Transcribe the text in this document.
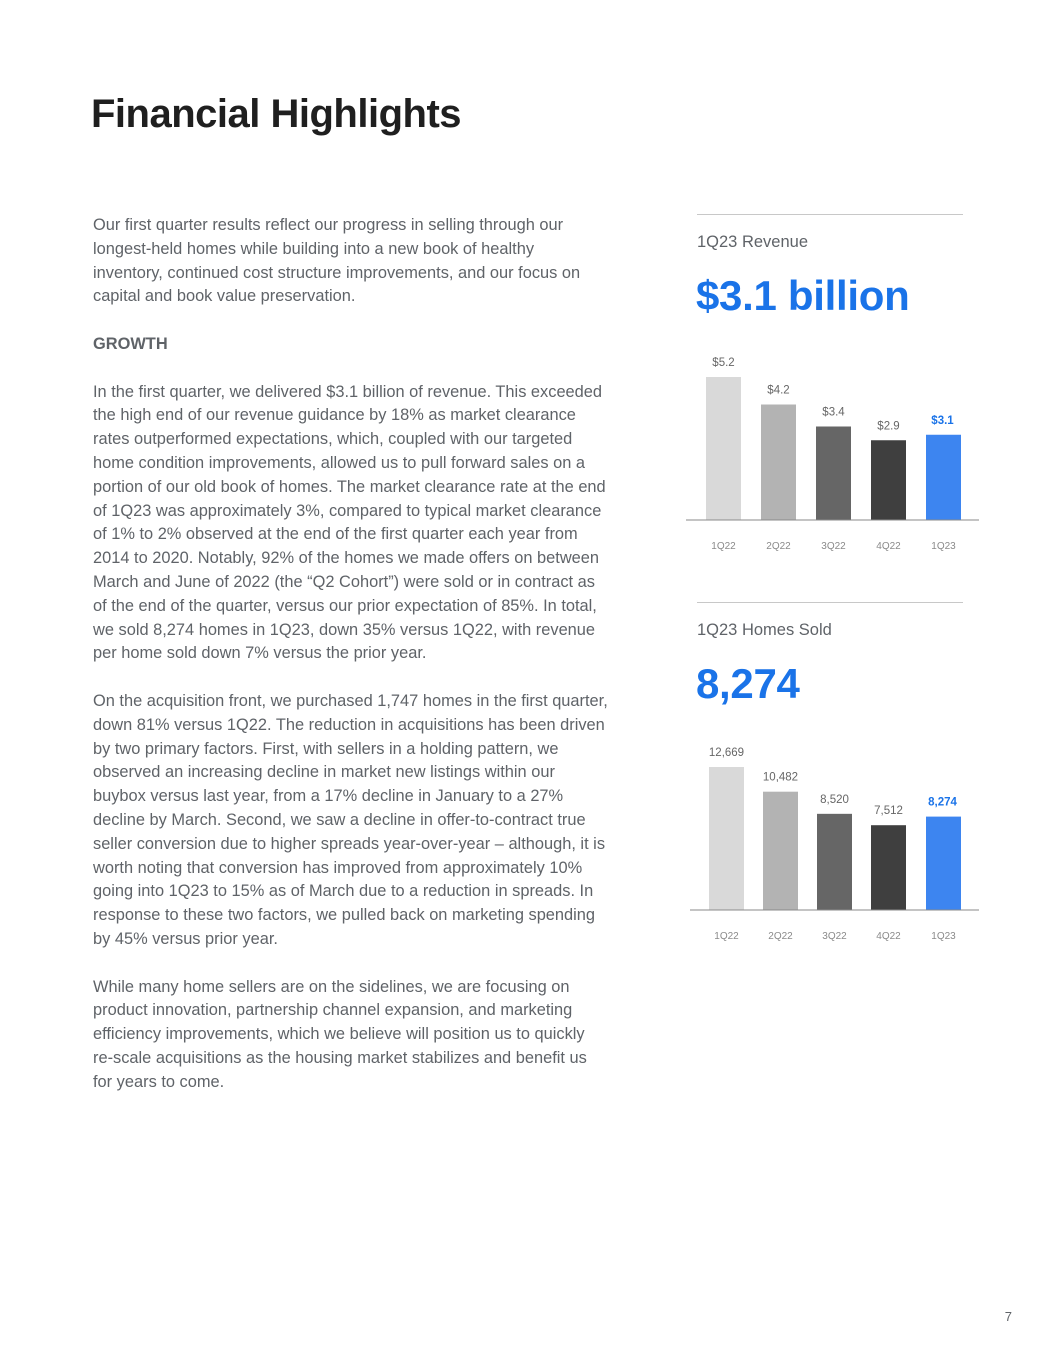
Financial Highlights

Our first quarter results reflect our progress in selling through our longest-held homes while building into a new book of healthy inventory, continued cost structure improvements, and our focus on capital and book value preservation.

GROWTH

In the first quarter, we delivered $3.1 billion of revenue. This exceeded the high end of our revenue guidance by 18% as market clearance rates outperformed expectations, which, coupled with our targeted home condition improvements, allowed us to pull forward sales on a portion of our old book of homes. The market clearance rate at the end of 1Q23 was approximately 3%, compared to typical market clearance of 1% to 2% observed at the end of the first quarter each year from 2014 to 2020. Notably, 92% of the homes we made offers on between March and June of 2022 (the “Q2 Cohort”) were sold or in contract as of the end of the quarter, versus our prior expectation of 85%. In total, we sold 8,274 homes in 1Q23, down 35% versus 1Q22, with revenue per home sold down 7% versus the prior year.

On the acquisition front, we purchased 1,747 homes in the first quarter, down 81% versus 1Q22. The reduction in acquisitions has been driven by two primary factors. First, with sellers in a holding pattern, we observed an increasing decline in market new listings within our buybox versus last year, from a 17% decline in January to a 27% decline by March. Second, we saw a decline in offer-to-contract true seller conversion due to higher spreads year-over-year – although, it is worth noting that conversion has improved from approximately 10% going into 1Q23 to 15% as of March due to a reduction in spreads. In response to these two factors, we pulled back on marketing spending by 45% versus prior year.

While many home sellers are on the sidelines, we are focusing on product innovation, partnership channel expansion, and marketing efficiency improvements, which we believe will position us to quickly re-scale acquisitions as the housing market stabilizes and benefit us for years to come.

1Q23 Revenue
$3.1 billion
$5.2
1Q22
$4.2
2Q22
$3.4
3Q22
$2.9
4Q22
$3.1
1Q23
1Q23 Homes Sold
8,274
12,669
1Q22
10,482
2Q22
8,520
3Q22
7,512
4Q22
8,274
1Q23
7
